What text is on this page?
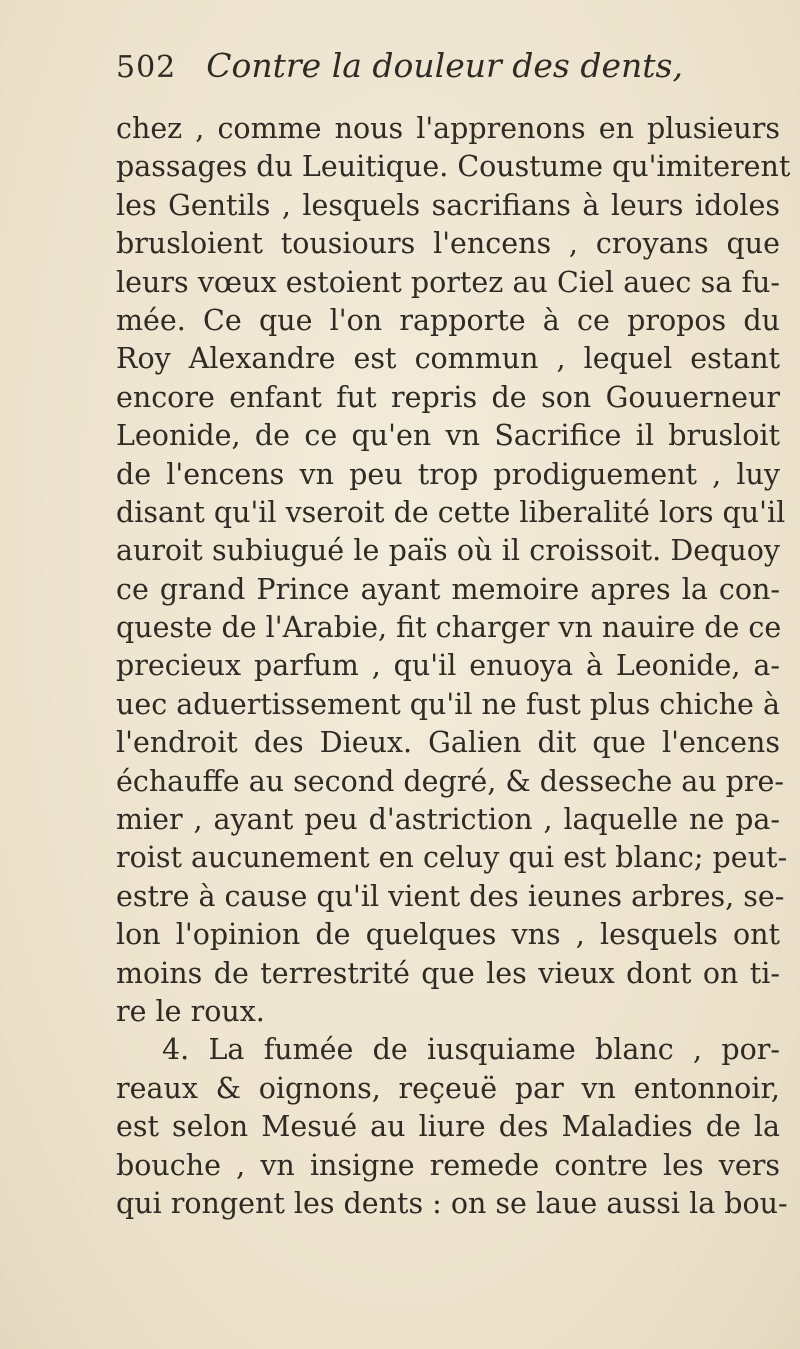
502 Contre la douleur des dents,
chez , comme nous l'apprenons en plusieurs
passages du Leuitique. Coustume qu'imiterent
les Gentils , lesquels sacrifians à leurs idoles
brusloient tousiours l'encens , croyans que
leurs vœux estoient portez au Ciel auec sa fu-
mée. Ce que l'on rapporte à ce propos du
Roy Alexandre est commun , lequel estant
encore enfant fut repris de son Gouuerneur
Leonide, de ce qu'en vn Sacrifice il brusloit
de l'encens vn peu trop prodiguement , luy
disant qu'il vseroit de cette liberalité lors qu'il
auroit subiugué le païs où il croissoit. Dequoy
ce grand Prince ayant memoire apres la con-
queste de l'Arabie, fit charger vn nauire de ce
precieux parfum , qu'il enuoya à Leonide, a-
uec aduertissement qu'il ne fust plus chiche à
l'endroit des Dieux. Galien dit que l'encens
échauffe au second degré, & desseche au pre-
mier , ayant peu d'astriction , laquelle ne pa-
roist aucunement en celuy qui est blanc; peut-
estre à cause qu'il vient des ieunes arbres, se-
lon l'opinion de quelques vns , lesquels ont
moins de terrestrité que les vieux dont on ti-
re le roux.
4. La fumée de iusquiame blanc , por-
reaux & oignons, reçeuë par vn entonnoir,
est selon Mesué au liure des Maladies de la
bouche , vn insigne remede contre les vers
qui rongent les dents : on se laue aussi la bou-
